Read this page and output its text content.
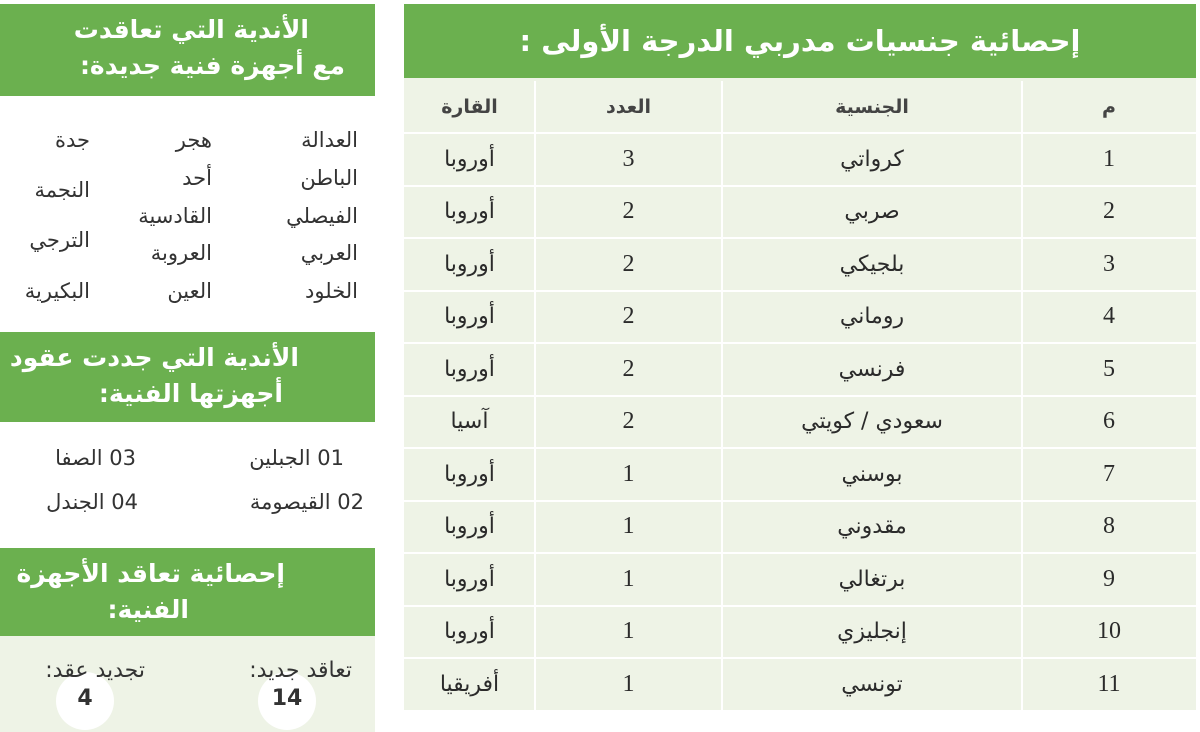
إحصائية جنسيات مدربي الدرجة الأولى :
م
الجنسية
العدد
القارة
1
كرواتي
3
أوروبا
2
صربي
2
أوروبا
3
بلجيكي
2
أوروبا
4
روماني
2
أوروبا
5
فرنسي
2
أوروبا
6
سعودي / كويتي
2
آسيا
7
بوسني
1
أوروبا
8
مقدوني
1
أوروبا
9
برتغالي
1
أوروبا
10
إنجليزي
1
أوروبا
11
تونسي
1
أفريقيا
الأندية التي تعاقدت
مع أجهزة فنية جديدة:
العدالة
الباطن
الفيصلي
العربي
الخلود
هجر
أحد
القادسية
العروبة
العين
جدة
النجمة
الترجي
البكيرية
الأندية التي جددت عقود
أجهزتها الفنية:
01 الجبلين
03 الصفا
02 القيصومة
04 الجندل
إحصائية تعاقد الأجهزة
الفنية:
14
4
تعاقد جديد:
تجديد عقد:
